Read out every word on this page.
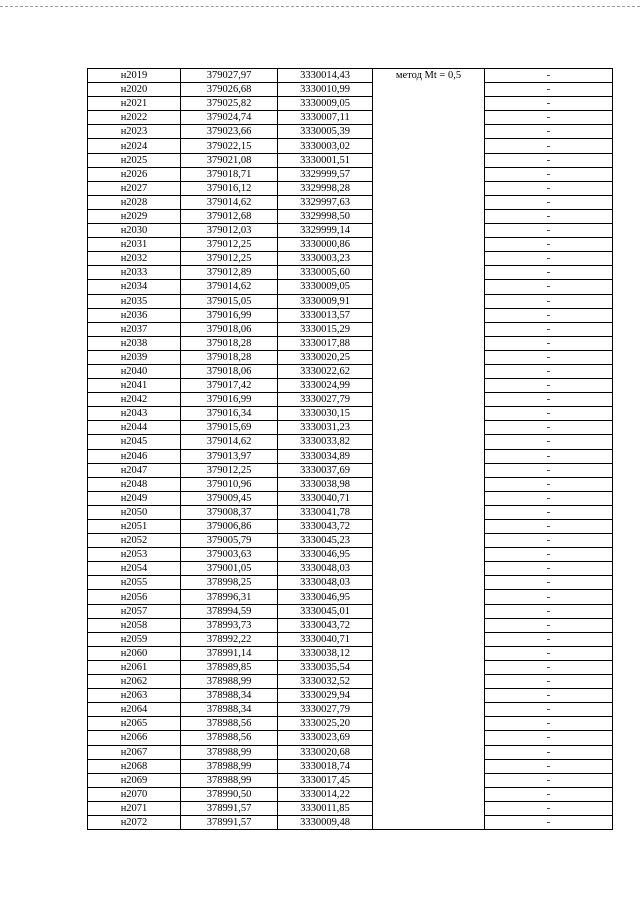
н2019	379027,97	3330014,43	метод Mt = 0,5	-
н2020	379026,68	3330010,99		-
н2021	379025,82	3330009,05		-
н2022	379024,74	3330007,11		-
н2023	379023,66	3330005,39		-
н2024	379022,15	3330003,02		-
н2025	379021,08	3330001,51		-
н2026	379018,71	3329999,57		-
н2027	379016,12	3329998,28		-
н2028	379014,62	3329997,63		-
н2029	379012,68	3329998,50		-
н2030	379012,03	3329999,14		-
н2031	379012,25	3330000,86		-
н2032	379012,25	3330003,23		-
н2033	379012,89	3330005,60		-
н2034	379014,62	3330009,05		-
н2035	379015,05	3330009,91		-
н2036	379016,99	3330013,57		-
н2037	379018,06	3330015,29		-
н2038	379018,28	3330017,88		-
н2039	379018,28	3330020,25		-
н2040	379018,06	3330022,62		-
н2041	379017,42	3330024,99		-
н2042	379016,99	3330027,79		-
н2043	379016,34	3330030,15		-
н2044	379015,69	3330031,23		-
н2045	379014,62	3330033,82		-
н2046	379013,97	3330034,89		-
н2047	379012,25	3330037,69		-
н2048	379010,96	3330038,98		-
н2049	379009,45	3330040,71		-
н2050	379008,37	3330041,78		-
н2051	379006,86	3330043,72		-
н2052	379005,79	3330045,23		-
н2053	379003,63	3330046,95		-
н2054	379001,05	3330048,03		-
н2055	378998,25	3330048,03		-
н2056	378996,31	3330046,95		-
н2057	378994,59	3330045,01		-
н2058	378993,73	3330043,72		-
н2059	378992,22	3330040,71		-
н2060	378991,14	3330038,12		-
н2061	378989,85	3330035,54		-
н2062	378988,99	3330032,52		-
н2063	378988,34	3330029,94		-
н2064	378988,34	3330027,79		-
н2065	378988,56	3330025,20		-
н2066	378988,56	3330023,69		-
н2067	378988,99	3330020,68		-
н2068	378988,99	3330018,74		-
н2069	378988,99	3330017,45		-
н2070	378990,50	3330014,22		-
н2071	378991,57	3330011,85		-
н2072	378991,57	3330009,48		-
